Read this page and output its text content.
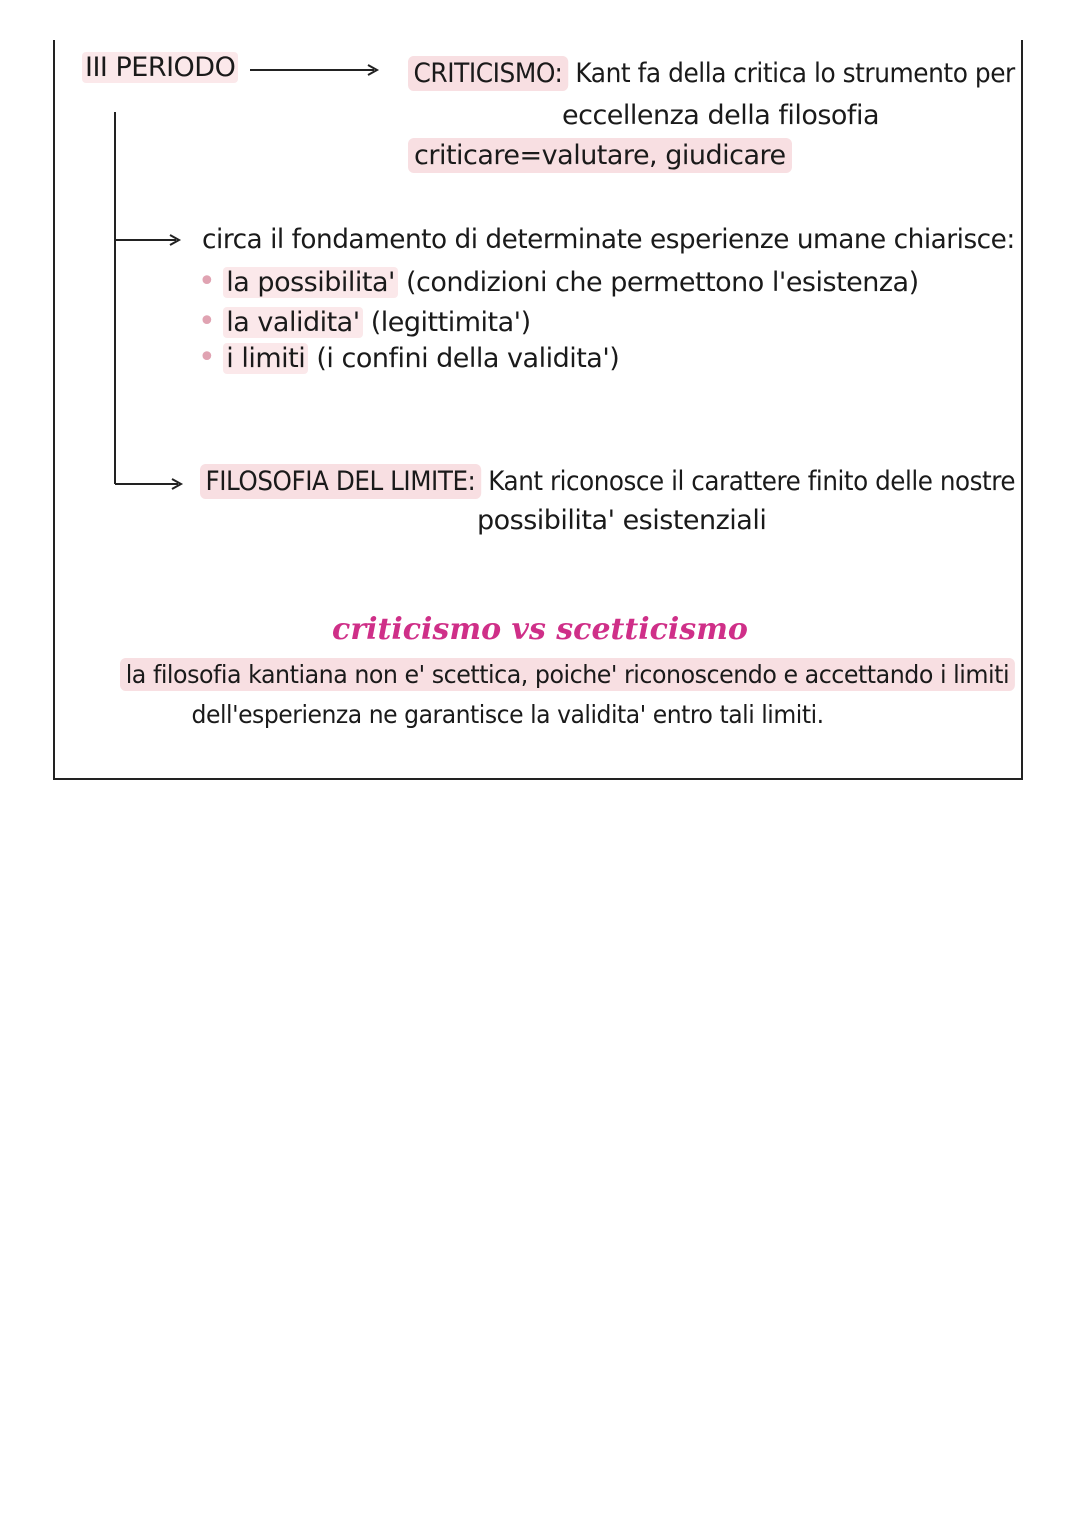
III PERIODO	CRITICISMO: Kant fa della critica lo strumento per
eccellenza della filosofia
criticare=valutare, giudicare
circa il fondamento di determinate esperienze umane chiarisce:
• la possibilita' (condizioni che permettono l'esistenza)
• la validita' (legittimita')
• i limiti (i confini della validita')
FILOSOFIA DEL LIMITE: Kant riconosce il carattere finito delle nostre
possibilita' esistenziali
criticismo vs scetticismo
la filosofia kantiana non e' scettica, poiche' riconoscendo e accettando i limiti
dell'esperienza ne garantisce la validita' entro tali limiti.
